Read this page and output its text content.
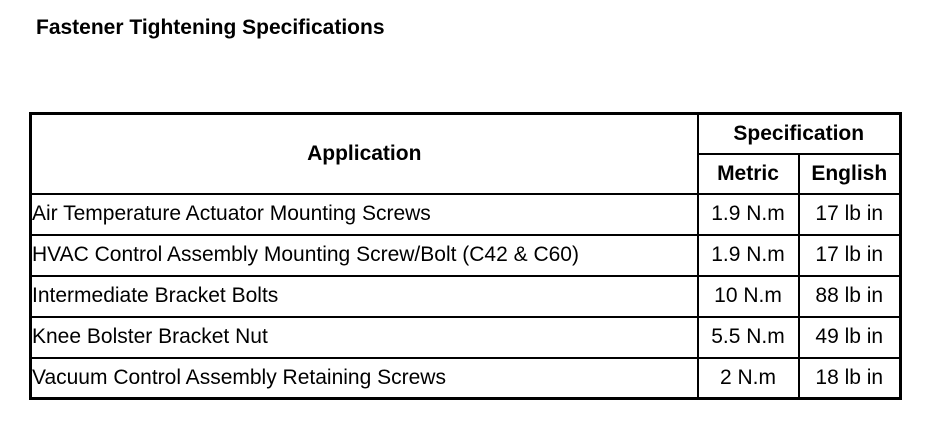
Fastener Tightening Specifications
Application	Specification	
	Metric	English
Air Temperature Actuator Mounting Screws	1.9 N.m	17 lb in
HVAC Control Assembly Mounting Screw/Bolt (C42 & C60)	1.9 N.m	17 lb in
Intermediate Bracket Bolts	10 N.m	88 lb in
Knee Bolster Bracket Nut	5.5 N.m	49 lb in
Vacuum Control Assembly Retaining Screws	2 N.m	18 lb in
